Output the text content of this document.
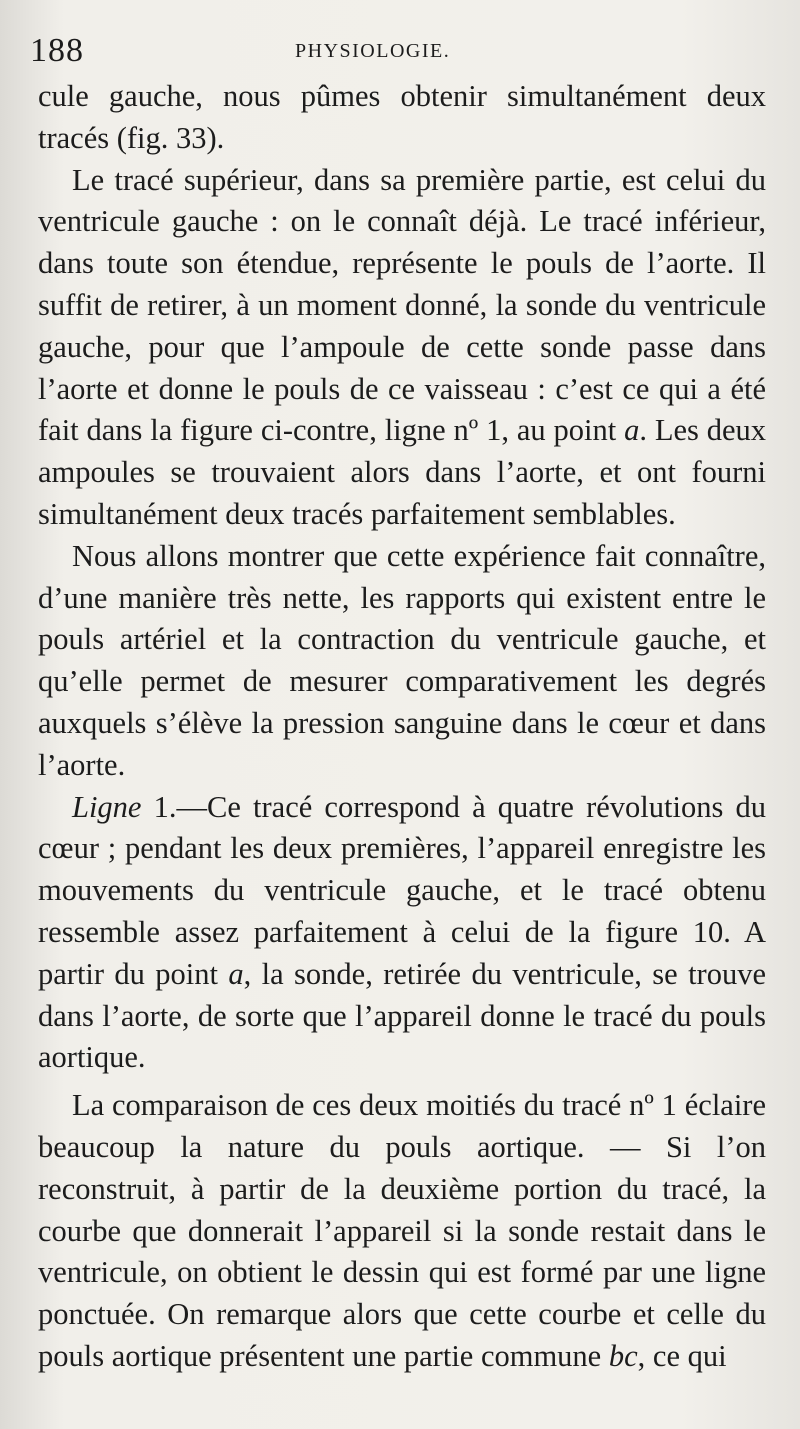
188	PHYSIOLOGIE.

cule gauche, nous pûmes obtenir simultanément deux tracés (fig. 33).

Le tracé supérieur, dans sa première partie, est celui du ventricule gauche : on le connaît déjà. Le tracé inférieur, dans toute son étendue, représente le pouls de l’aorte. Il suffit de retirer, à un moment donné, la sonde du ventricule gauche, pour que l’ampoule de cette sonde passe dans l’aorte et donne le pouls de ce vaisseau : c’est ce qui a été fait dans la figure ci-contre, ligne nº 1, au point a. Les deux ampoules se trouvaient alors dans l’aorte, et ont fourni simultanément deux tracés parfaitement semblables.

Nous allons montrer que cette expérience fait connaître, d’une manière très nette, les rapports qui existent entre le pouls artériel et la contraction du ventricule gauche, et qu’elle permet de mesurer comparativement les degrés auxquels s’élève la pression sanguine dans le cœur et dans l’aorte.

Ligne 1.—Ce tracé correspond à quatre révolutions du cœur ; pendant les deux premières, l’appareil enregistre les mouvements du ventricule gauche, et le tracé obtenu ressemble assez parfaitement à celui de la figure 10. A partir du point a, la sonde, retirée du ventricule, se trouve dans l’aorte, de sorte que l’appareil donne le tracé du pouls aortique.

La comparaison de ces deux moitiés du tracé nº 1 éclaire beaucoup la nature du pouls aortique. — Si l’on reconstruit, à partir de la deuxième portion du tracé, la courbe que donnerait l’appareil si la sonde restait dans le ventricule, on obtient le dessin qui est formé par une ligne ponctuée. On remarque alors que cette courbe et celle du pouls aortique présentent une partie commune bc, ce qui
